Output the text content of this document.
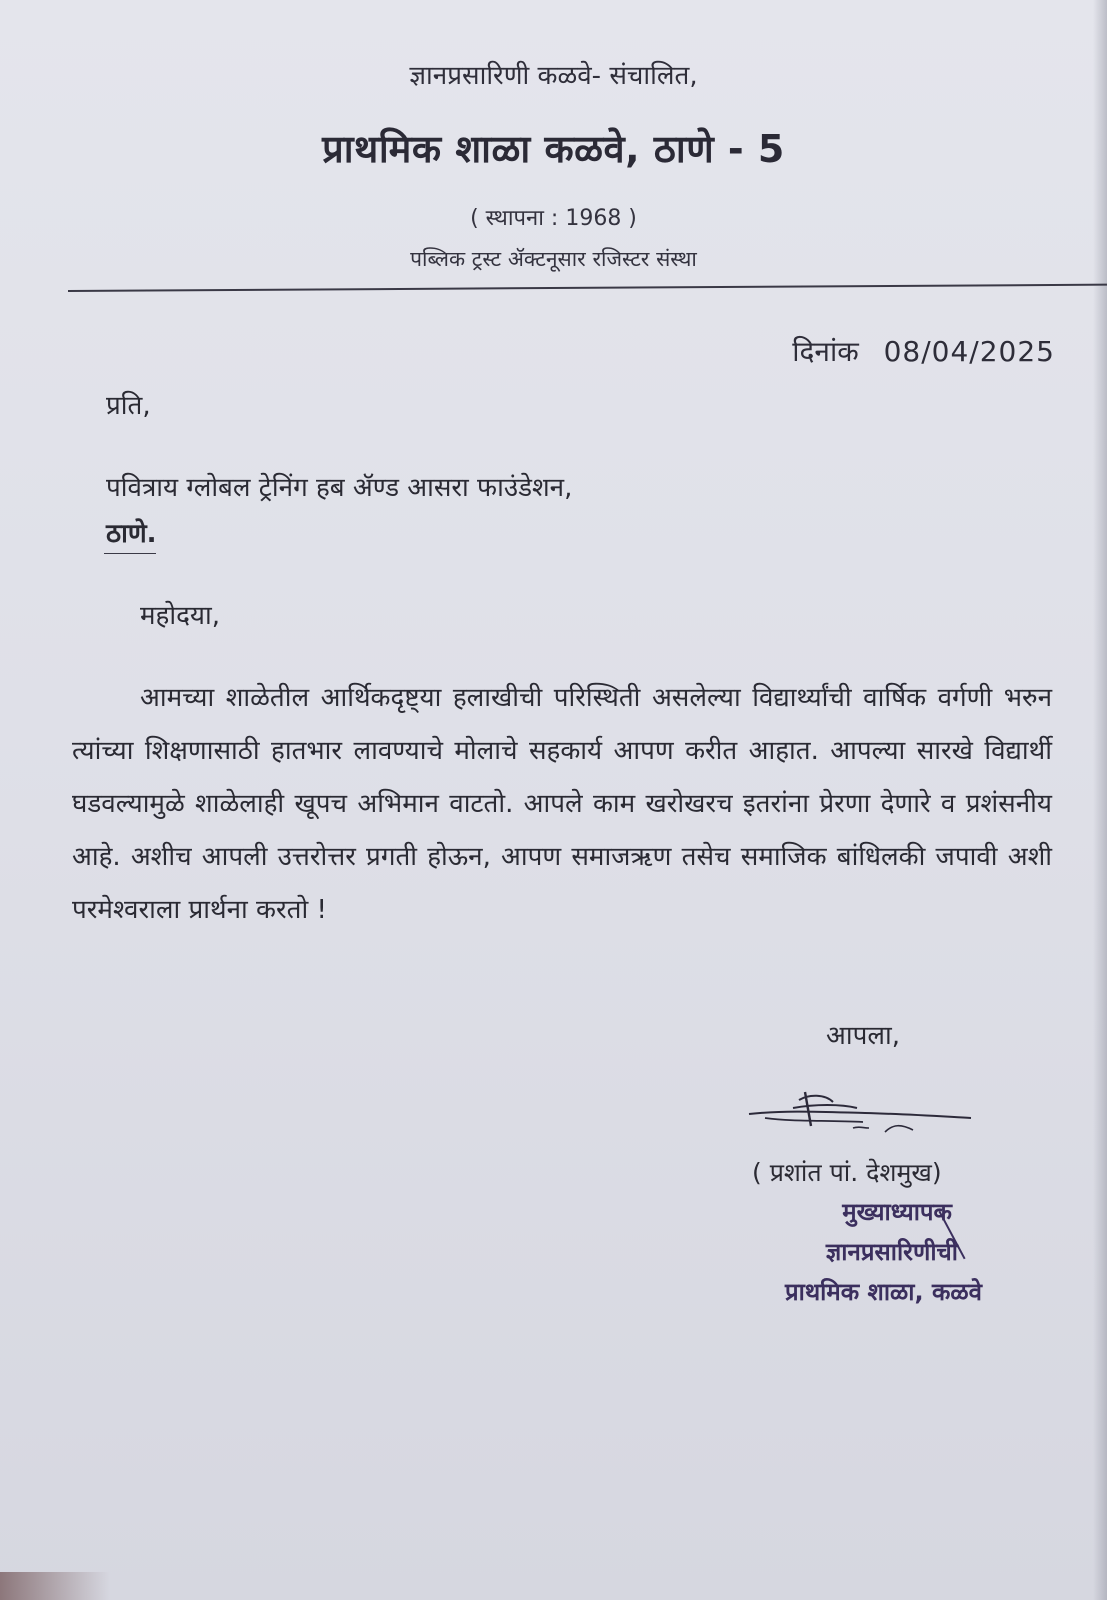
ज्ञानप्रसारिणी कळवे- संचालित,
प्राथमिक शाळा कळवे, ठाणे - 5
( स्थापना : 1968 )
पब्लिक ट्रस्ट ॲक्टनूसार रजिस्टर संस्था
दिनांक 08/04/2025
प्रति,
पवित्राय ग्लोबल ट्रेनिंग हब ॲण्ड आसरा फाउंडेशन,
ठाणे.
महोदया,
आमच्या शाळेतील आर्थिकदृष्ट्या हलाखीची परिस्थिती असलेल्या विद्यार्थ्यांची वार्षिक वर्गणी भरुन त्यांच्या शिक्षणासाठी हातभार लावण्याचे मोलाचे सहकार्य आपण करीत आहात. आपल्या सारखे विद्यार्थी घडवल्यामुळे शाळेलाही खूपच अभिमान वाटतो. आपले काम खरोखरच इतरांना प्रेरणा देणारे व प्रशंसनीय आहे. अशीच आपली उत्तरोत्तर प्रगती होऊन, आपण समाजऋण तसेच समाजिक बांधिलकी जपावी अशी परमेश्वराला प्रार्थना करतो !
आपला,
( प्रशांत पां. देशमुख)
मुख्याध्यापक
ज्ञानप्रसारिणीची
प्राथमिक शाळा, कळवे
